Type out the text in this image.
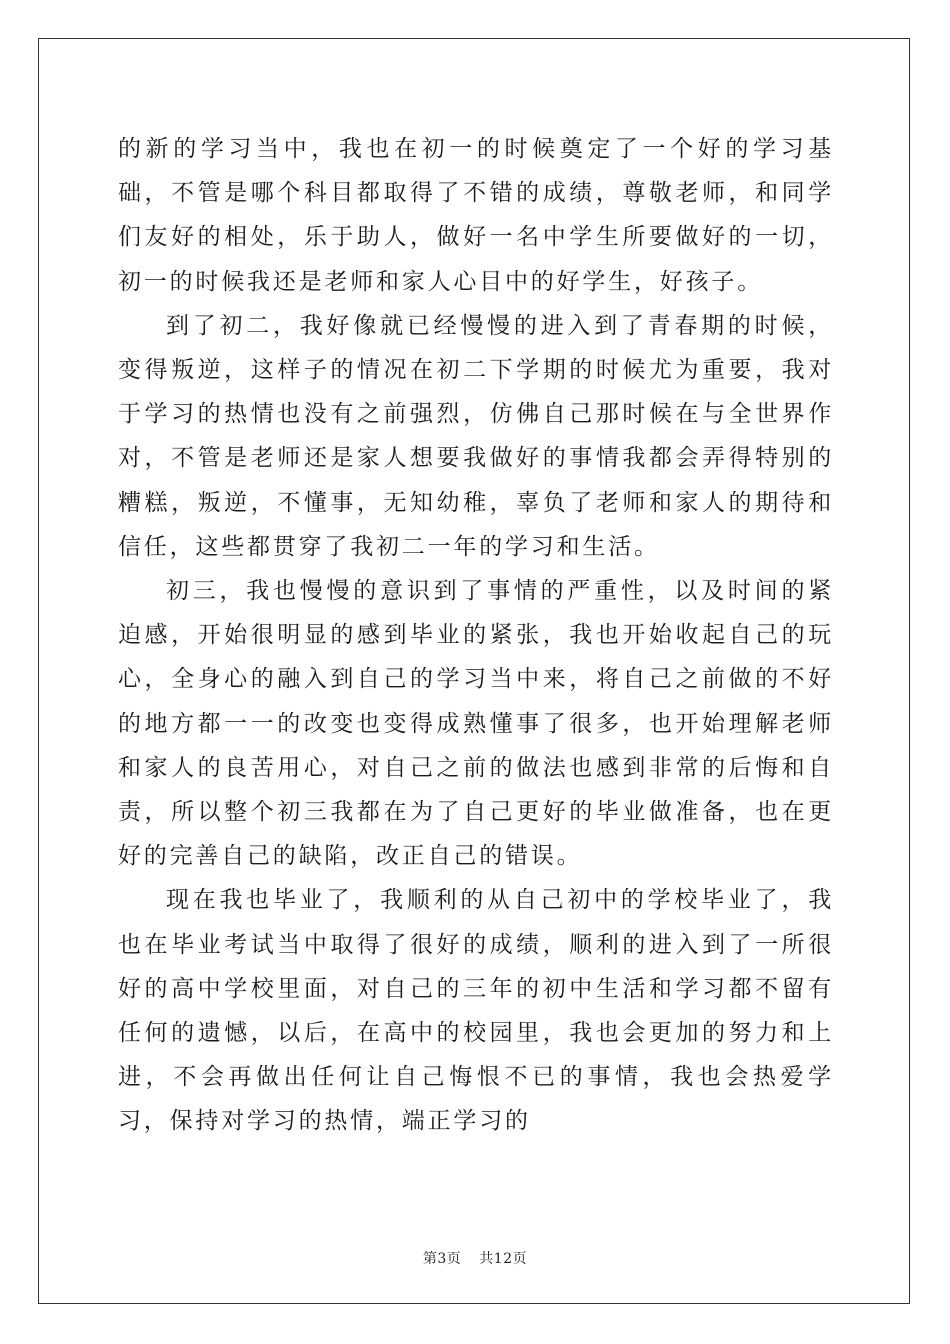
的新的学习当中，我也在初一的时候奠定了一个好的学习基础，不管是哪个科目都取得了不错的成绩，尊敬老师，和同学们友好的相处，乐于助人，做好一名中学生所要做好的一切，初一的时候我还是老师和家人心目中的好学生，好孩子。

到了初二，我好像就已经慢慢的进入到了青春期的时候，变得叛逆，这样子的情况在初二下学期的时候尤为重要，我对于学习的热情也没有之前强烈，仿佛自己那时候在与全世界作对，不管是老师还是家人想要我做好的事情我都会弄得特别的糟糕，叛逆，不懂事，无知幼稚，辜负了老师和家人的期待和信任，这些都贯穿了我初二一年的学习和生活。

初三，我也慢慢的意识到了事情的严重性，以及时间的紧迫感，开始很明显的感到毕业的紧张，我也开始收起自己的玩心，全身心的融入到自己的学习当中来，将自己之前做的不好的地方都一一的改变也变得成熟懂事了很多，也开始理解老师和家人的良苦用心，对自己之前的做法也感到非常的后悔和自责，所以整个初三我都在为了自己更好的毕业做准备，也在更好的完善自己的缺陷，改正自己的错误。

现在我也毕业了，我顺利的从自己初中的学校毕业了，我也在毕业考试当中取得了很好的成绩，顺利的进入到了一所很好的高中学校里面，对自己的三年的初中生活和学习都不留有任何的遗憾，以后，在高中的校园里，我也会更加的努力和上进，不会再做出任何让自己悔恨不已的事情，我也会热爱学习，保持对学习的热情，端正学习的

第3页 共12页
